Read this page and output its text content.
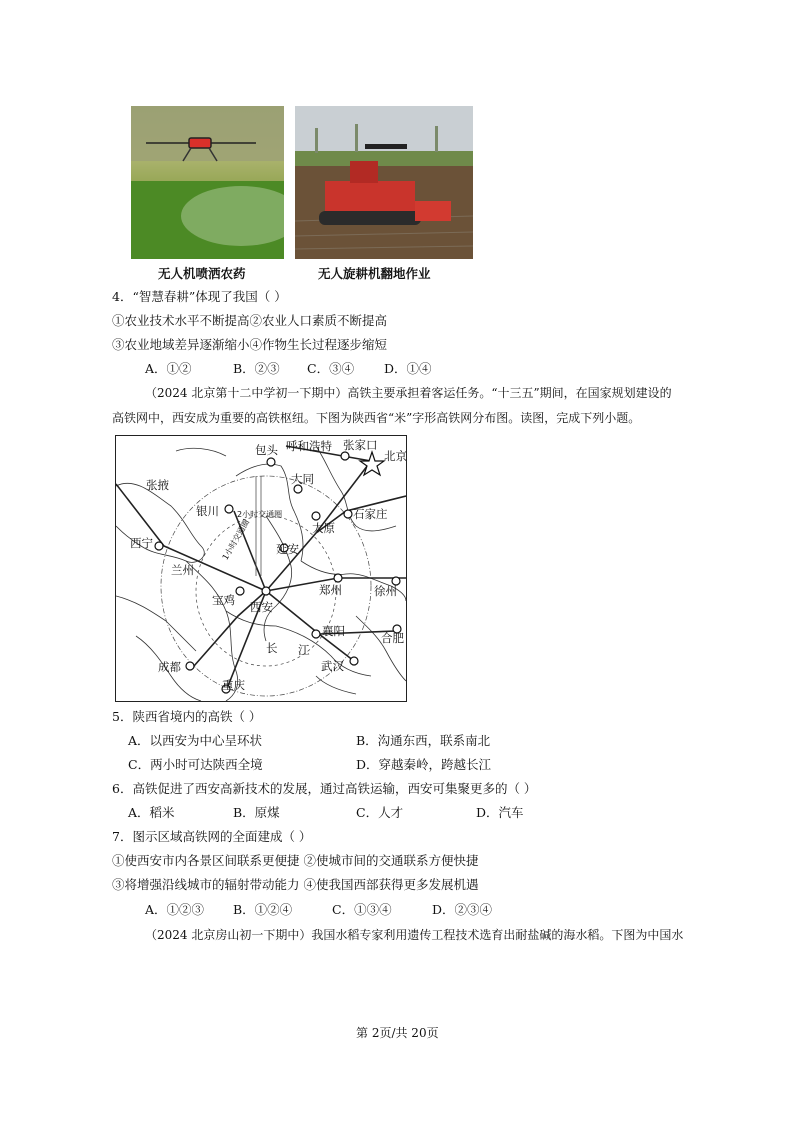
无人机喷洒农药	无人旋耕机翻地作业
4．“智慧春耕”体现了我国（ ）
①农业技术水平不断提高②农业人口素质不断提高
③农业地域差异逐渐缩小④作物生长过程逐步缩短
A．①②	B．②③ C．③④ D．①④
（2024 北京第十二中学初一下期中）高铁主要承担着客运任务。“十三五”期间，在国家规划建设的
高铁网中，西安成为重要的高铁枢纽。下图为陕西省“米”字形高铁网分布图。读图，完成下列小题。
包头 呼和浩特 张家口
北京
张掖	大同
银川 2小时交通圈	石家庄
太原
西宁	延安
1小时交通圈
兰州
郑州	徐州
宝鸡 西安
襄阳	合肥
长 江
成都	武汉
重庆
5．陕西省境内的高铁（ ）
A．以西安为中心呈环状	B．沟通东西，联系南北
C．两小时可达陕西全境	D．穿越秦岭，跨越长江
6．高铁促进了西安高新技术的发展，通过高铁运输，西安可集聚更多的（ ）
A．稻米	B．原煤	C．人才	D．汽车
7．图示区域高铁网的全面建成（ ）
①使西安市内各景区间联系更便捷 ②使城市间的交通联系方便快捷
③将增强沿线城市的辐射带动能力 ④使我国西部获得更多发展机遇
A．①②③ B．①②④	C．①③④	D．②③④
（2024 北京房山初一下期中）我国水稻专家利用遗传工程技术选育出耐盐碱的海水稻。下图为中国水
第 2页/共 20页
